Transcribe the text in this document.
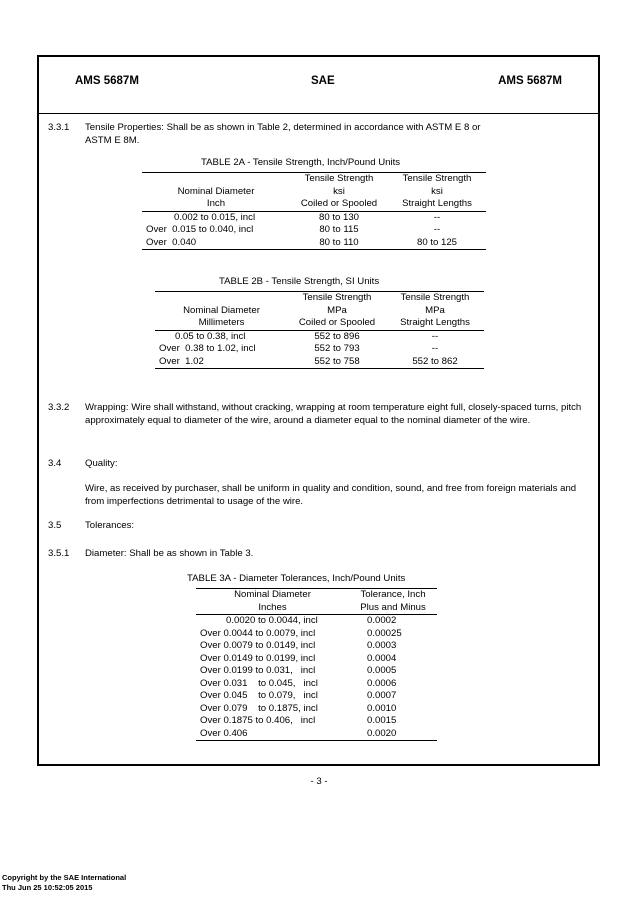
AMS 5687M	SAE	AMS 5687M
3.3.1 Tensile Properties: Shall be as shown in Table 2, determined in accordance with ASTM E 8 or
ASTM E 8M.
TABLE 2A - Tensile Strength, Inch/Pound Units
	Tensile Strength	Tensile Strength
Nominal Diameter	ksi	ksi
Inch	Coiled or Spooled	Straight Lengths
0.002 to 0.015, incl	80 to 130	--
Over  0.015 to 0.040, incl	80 to 115	--
Over  0.040	80 to 110	80 to 125
TABLE 2B - Tensile Strength, SI Units
	Tensile Strength	Tensile Strength
Nominal Diameter	MPa	MPa
Millimeters	Coiled or Spooled	Straight Lengths
0.05 to 0.38, incl	552 to 896	--
Over  0.38 to 1.02, incl	552 to 793	--
Over  1.02	552 to 758	552 to 862
3.3.2 Wrapping: Wire shall withstand, without cracking, wrapping at room temperature eight full, closely-spaced turns, pitch approximately equal to diameter of the wire, around a diameter equal to the nominal diameter of the wire.
3.4 Quality:
Wire, as received by purchaser, shall be uniform in quality and condition, sound, and free from foreign materials and from imperfections detrimental to usage of the wire.
3.5 Tolerances:
3.5.1 Diameter: Shall be as shown in Table 3.
TABLE 3A - Diameter Tolerances, Inch/Pound Units
Nominal Diameter	Tolerance, Inch
Inches	Plus and Minus
0.0020 to 0.0044, incl	0.0002
Over 0.0044 to 0.0079, incl	0.00025
Over 0.0079 to 0.0149, incl	0.0003
Over 0.0149 to 0.0199, incl	0.0004
Over 0.0199 to 0.031,   incl	0.0005
Over 0.031    to 0.045,   incl	0.0006
Over 0.045    to 0.079,   incl	0.0007
Over 0.079    to 0.1875, incl	0.0010
Over 0.1875 to 0.406,   incl	0.0015
Over 0.406	0.0020
- 3 -
Copyright by the SAE International
Thu Jun 25 10:52:05 2015
